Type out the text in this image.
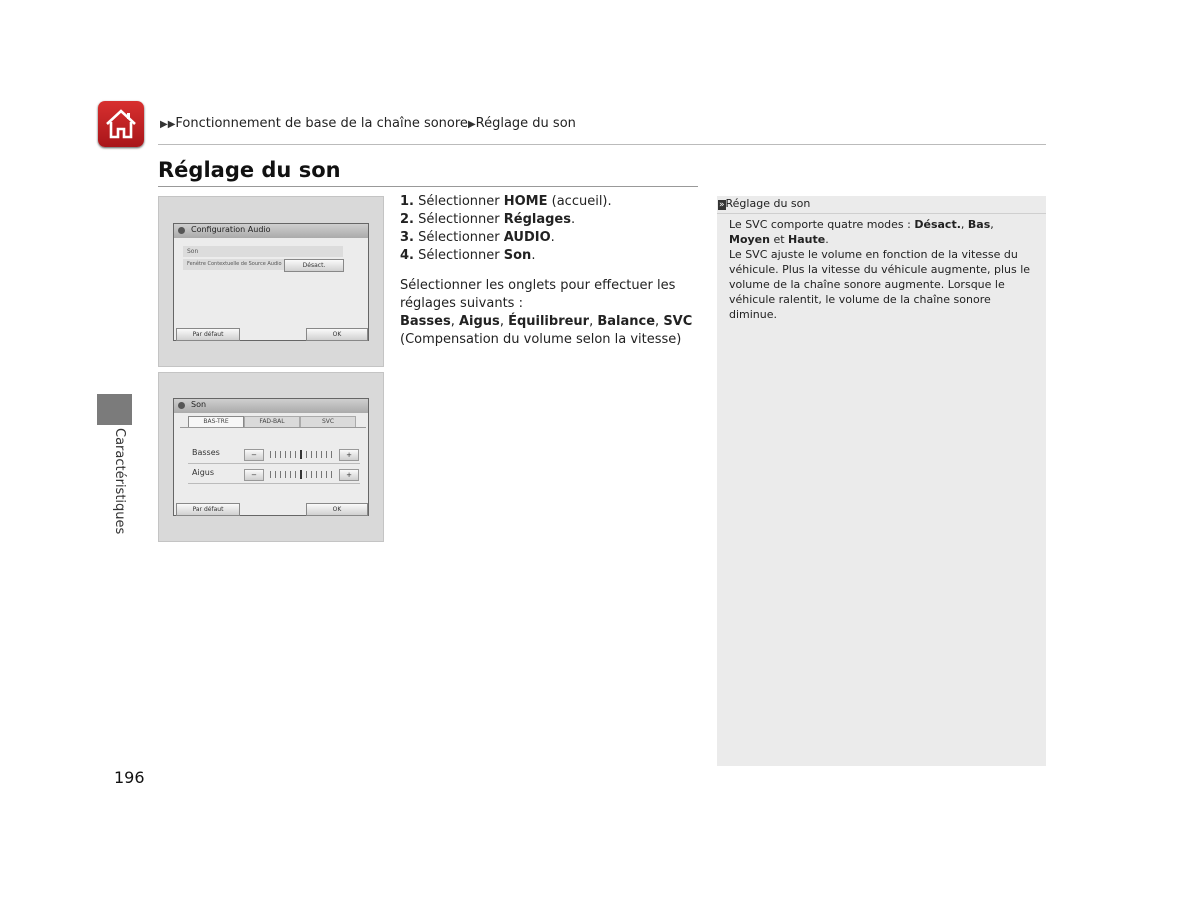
▶▶Fonctionnement de base de la chaîne sonore▶Réglage du son
Réglage du son
Caractéristiques
Configuration Audio
Son
Fenêtre Contextuelle de Source Audio	Désact.
Par défaut	OK
Son
BAS-TRE	FAD-BAL	SVC
Basses	−	+
Aigus	−	+
Par défaut	OK
1. Sélectionner HOME (accueil).
2. Sélectionner Réglages.
3. Sélectionner AUDIO.
4. Sélectionner Son.
Sélectionner les onglets pour effectuer les réglages suivants :
Basses, Aigus, Équilibreur, Balance, SVC
(Compensation du volume selon la vitesse)
»Réglage du son
Le SVC comporte quatre modes : Désact., Bas, Moyen et Haute.
Le SVC ajuste le volume en fonction de la vitesse du véhicule. Plus la vitesse du véhicule augmente, plus le volume de la chaîne sonore augmente. Lorsque le véhicule ralentit, le volume de la chaîne sonore diminue.
196
